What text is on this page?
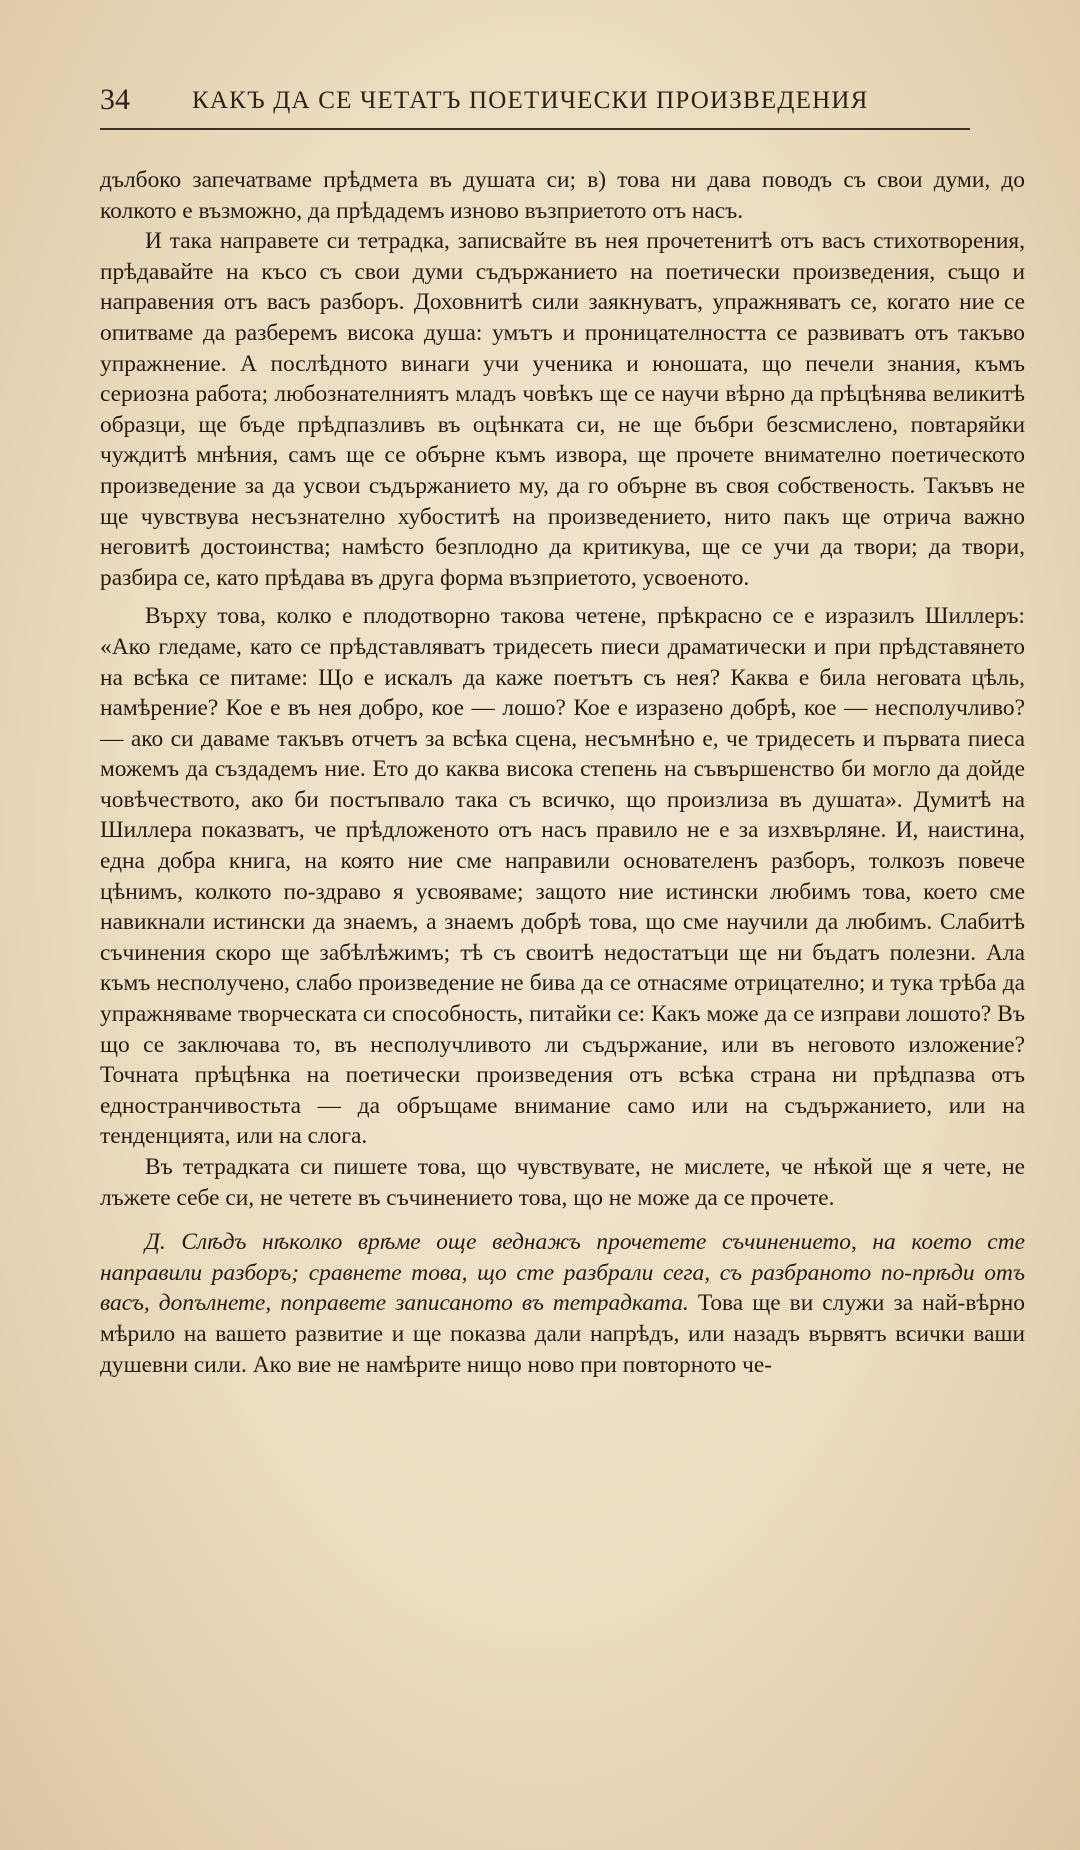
34 КАКЪ ДА СЕ ЧЕТАТЪ ПОЕТИЧЕСКИ ПРОИЗВЕДЕНИЯ

дълбоко запечатваме прѣдмета въ душата си; в) това ни дава поводъ съ свои думи, до колкото е възможно, да прѣдадемъ изново възприетото отъ насъ.

И така направете си тетрадка, записвайте въ нея прочетенитѣ отъ васъ стихотворения, прѣдавайте на късо съ свои думи съдържанието на поетически произведения, също и направения отъ васъ разборъ. Доховнитѣ сили заякнуватъ, упражняватъ се, когато ние се опитваме да разберемъ висока душа: умътъ и проницателността се развиватъ отъ такъво упражнение. А послѣдното винаги учи ученика и юношата, що печели знания, къмъ сериозна работа; любознателниятъ младъ човѣкъ ще се научи вѣрно да прѣцѣнява великитѣ образци, ще бъде прѣдпазливъ въ оцѣнката си, не ще бъбри безсмислено, повтаряйки чуждитѣ мнѣния, самъ ще се обърне къмъ извора, ще прочете внимателно поетическото произведение за да усвои съдържанието му, да го обърне въ своя собственость. Такъвъ не ще чувствува несъзнателно хубоститѣ на произведението, нито пакъ ще отрича важно неговитѣ достоинства; намѣсто безплодно да критикува, ще се учи да твори; да твори, разбира се, като прѣдава въ друга форма възприетото, усвоеното.

Върху това, колко е плодотворно такова четене, прѣкрасно се е изразилъ Шиллеръ: «Ако гледаме, като се прѣдставляватъ тридесеть пиеси драматически и при прѣдставянето на всѣка се питаме: Що е искалъ да каже поетътъ съ нея? Каква е била неговата цѣль, намѣрение? Кое е въ нея добро, кое — лошо? Кое е изразено добрѣ, кое — несполучливо? — ако си даваме такъвъ отчетъ за всѣка сцена, несъмнѣно е, че тридесеть и първата пиеса можемъ да създадемъ ние. Ето до каква висока степень на съвършенство би могло да дойде човѣчеството, ако би постъпвало така съ всичко, що произлиза въ душата». Думитѣ на Шиллера показватъ, че прѣдложеното отъ насъ правило не е за изхвърляне. И, наистина, една добра книга, на която ние сме направили основателенъ разборъ, толкозъ повече цѣнимъ, колкото по-здраво я усвояваме; защото ние истински любимъ това, което сме навикнали истински да знаемъ, а знаемъ добрѣ това, що сме научили да любимъ. Слабитѣ съчинения скоро ще забѣлѣжимъ; тѣ съ своитѣ недостатъци ще ни бъдатъ полезни. Ала къмъ несполучено, слабо произведение не бива да се отнасяме отрицателно; и тука трѣба да упражняваме творческата си способность, питайки се: Какъ може да се изправи лошото? Въ що се заключава то, въ несполучливото ли съдържание, или въ неговото изложение? Точната прѣцѣнка на поетически произведения отъ всѣка страна ни прѣдпазва отъ едностранчивостьта — да обръщаме внимание само или на съдържанието, или на тенденцията, или на слога.

Въ тетрадката си пишете това, що чувствувате, не мислете, че нѣкой ще я чете, не лъжете себе си, не четете въ съчинението това, що не може да се прочете.

Д. Слѣдъ нѣколко врѣме още веднажъ прочетете съчинението, на което сте направили разборъ; сравнете това, що сте разбрали сега, съ разбраното по-прѣди отъ васъ, допълнете, поправете записаното въ тетрадката. Това ще ви служи за най-вѣрно мѣрило на вашето развитие и ще показва дали напрѣдъ, или назадъ вървятъ всички ваши душевни сили. Ако вие не намѣрите нищо ново при повторното че-
